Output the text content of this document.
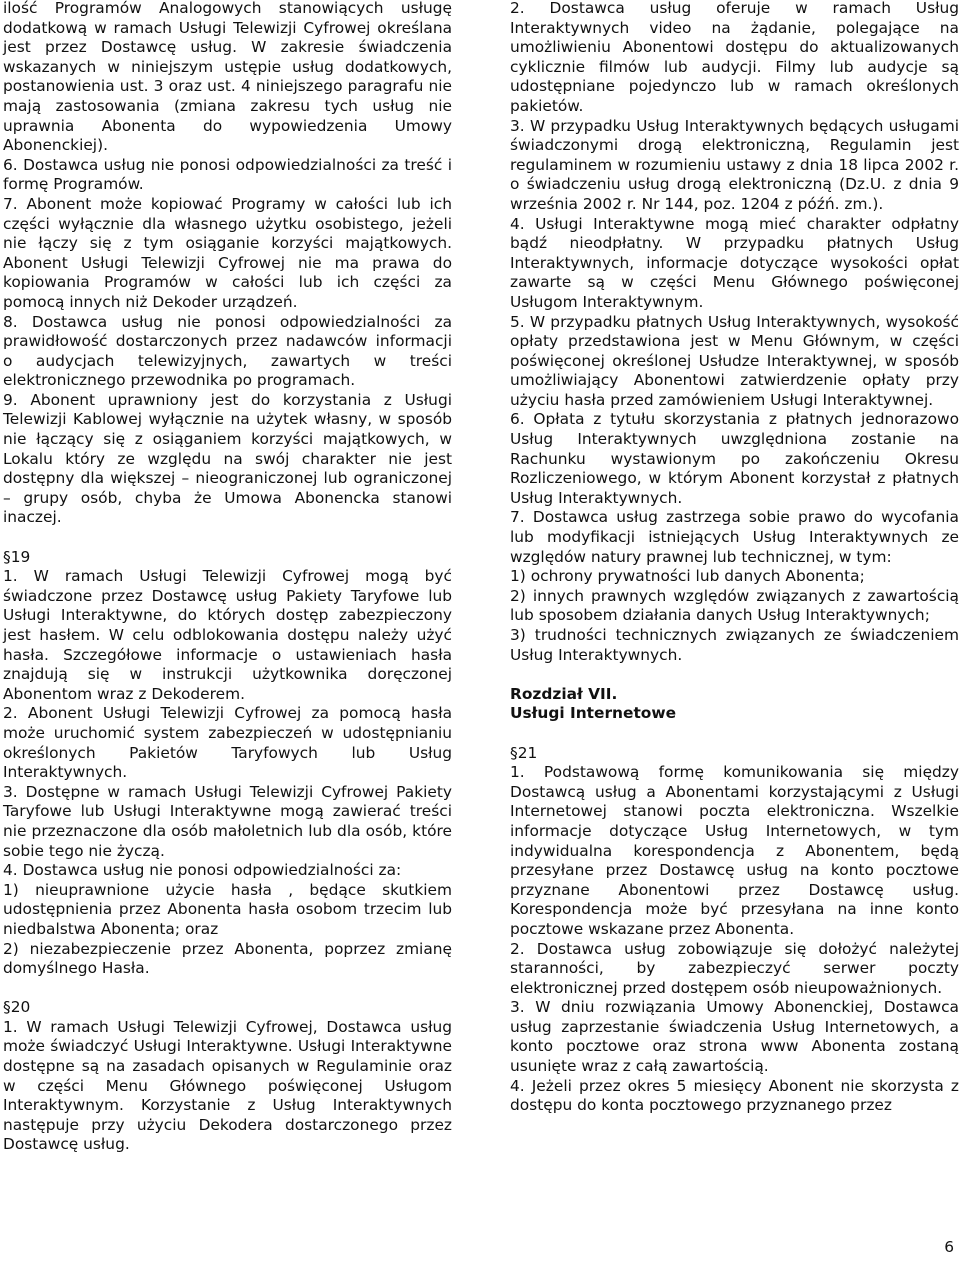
ilość Programów Analogowych stanowiących usługę dodatkową w ramach Usługi Telewizji Cyfrowej określana jest przez Dostawcę usług. W zakresie świadczenia wskazanych w niniejszym ustępie usług dodatkowych, postanowienia ust. 3 oraz ust. 4 niniejszego paragrafu nie mają zastosowania (zmiana zakresu tych usług nie uprawnia Abonenta do wypowiedzenia Umowy Abonenckiej).

6. Dostawca usług nie ponosi odpowiedzialności za treść i formę Programów.

7. Abonent może kopiować Programy w całości lub ich części wyłącznie dla własnego użytku osobistego, jeżeli nie łączy się z tym osiąganie korzyści majątkowych. Abonent Usługi Telewizji Cyfrowej nie ma prawa do kopiowania Programów w całości lub ich części za pomocą innych niż Dekoder urządzeń.

8. Dostawca usług nie ponosi odpowiedzialności za prawidłowość dostarczonych przez nadawców informacji o audycjach telewizyjnych, zawartych w treści elektronicznego przewodnika po programach.

9. Abonent uprawniony jest do korzystania z Usługi Telewizji Kablowej wyłącznie na użytek własny, w sposób nie łączący się z osiąganiem korzyści majątkowych, w Lokalu który ze względu na swój charakter nie jest dostępny dla większej – nieograniczonej lub ograniczonej – grupy osób, chyba że Umowa Abonencka stanowi inaczej.

§19

1. W ramach Usługi Telewizji Cyfrowej mogą być świadczone przez Dostawcę usług Pakiety Taryfowe lub Usługi Interaktywne, do których dostęp zabezpieczony jest hasłem. W celu odblokowania dostępu należy użyć hasła. Szczegółowe informacje o ustawieniach hasła znajdują się w instrukcji użytkownika doręczonej Abonentom wraz z Dekoderem.

2. Abonent Usługi Telewizji Cyfrowej za pomocą hasła może uruchomić system zabezpieczeń w udostępnianiu określonych Pakietów Taryfowych lub Usług Interaktywnych.

3. Dostępne w ramach Usługi Telewizji Cyfrowej Pakiety Taryfowe lub Usługi Interaktywne mogą zawierać treści nie przeznaczone dla osób małoletnich lub dla osób, które sobie tego nie życzą.

4. Dostawca usług nie ponosi odpowiedzialności za:

1) nieuprawnione użycie hasła , będące skutkiem udostępnienia przez Abonenta hasła osobom trzecim lub niedbalstwa Abonenta; oraz

2) niezabezpieczenie przez Abonenta, poprzez zmianę domyślnego Hasła.

§20

1. W ramach Usługi Telewizji Cyfrowej, Dostawca usług może świadczyć Usługi Interaktywne. Usługi Interaktywne dostępne są na zasadach opisanych w Regulaminie oraz w części Menu Głównego poświęconej Usługom Interaktywnym. Korzystanie z Usług Interaktywnych następuje przy użyciu Dekodera dostarczonego przez Dostawcę usług.

2. Dostawca usług oferuje w ramach Usług Interaktywnych video na żądanie, polegające na umożliwieniu Abonentowi dostępu do aktualizowanych cyklicznie filmów lub audycji. Filmy lub audycje są udostępniane pojedynczo lub w ramach określonych pakietów.

3. W przypadku Usług Interaktywnych będących usługami świadczonymi drogą elektroniczną, Regulamin jest regulaminem w rozumieniu ustawy z dnia 18 lipca 2002 r. o świadczeniu usług drogą elektroniczną (Dz.U. z dnia 9 września 2002 r. Nr 144, poz. 1204 z późń. zm.).

4. Usługi Interaktywne mogą mieć charakter odpłatny bądź nieodpłatny. W przypadku płatnych Usług Interaktywnych, informacje dotyczące wysokości opłat zawarte są w części Menu Głównego poświęconej Usługom Interaktywnym.

5. W przypadku płatnych Usług Interaktywnych, wysokość opłaty przedstawiona jest w Menu Głównym, w części poświęconej określonej Usłudze Interaktywnej, w sposób umożliwiający Abonentowi zatwierdzenie opłaty przy użyciu hasła przed zamówieniem Usługi Interaktywnej.

6. Opłata z tytułu skorzystania z płatnych jednorazowo Usług Interaktywnych uwzględniona zostanie na Rachunku wystawionym po zakończeniu Okresu Rozliczeniowego, w którym Abonent korzystał z płatnych Usług Interaktywnych.

7. Dostawca usług zastrzega sobie prawo do wycofania lub modyfikacji istniejących Usług Interaktywnych ze względów natury prawnej lub technicznej, w tym:

1) ochrony prywatności lub danych Abonenta;

2) innych prawnych względów związanych z zawartością lub sposobem działania danych Usług Interaktywnych;

3) trudności technicznych związanych ze świadczeniem Usług Interaktywnych.

Rozdział VII.

Usługi Internetowe

§21

1. Podstawową formę komunikowania się między Dostawcą usług a Abonentami korzystającymi z Usługi Internetowej stanowi poczta elektroniczna. Wszelkie informacje dotyczące Usług Internetowych, w tym indywidualna korespondencja z Abonentem, będą przesyłane przez Dostawcę usług na konto pocztowe przyznane Abonentowi przez Dostawcę usług. Korespondencja może być przesyłana na inne konto pocztowe wskazane przez Abonenta.

2. Dostawca usług zobowiązuje się dołożyć należytej staranności, by zabezpieczyć serwer poczty elektronicznej przed dostępem osób nieupoważnionych.

3. W dniu rozwiązania Umowy Abonenckiej, Dostawca usług zaprzestanie świadczenia Usług Internetowych, a konto pocztowe oraz strona www Abonenta zostaną usunięte wraz z całą zawartością.

4. Jeżeli przez okres 5 miesięcy Abonent nie skorzysta z dostępu do konta pocztowego przyznanego przez

6
